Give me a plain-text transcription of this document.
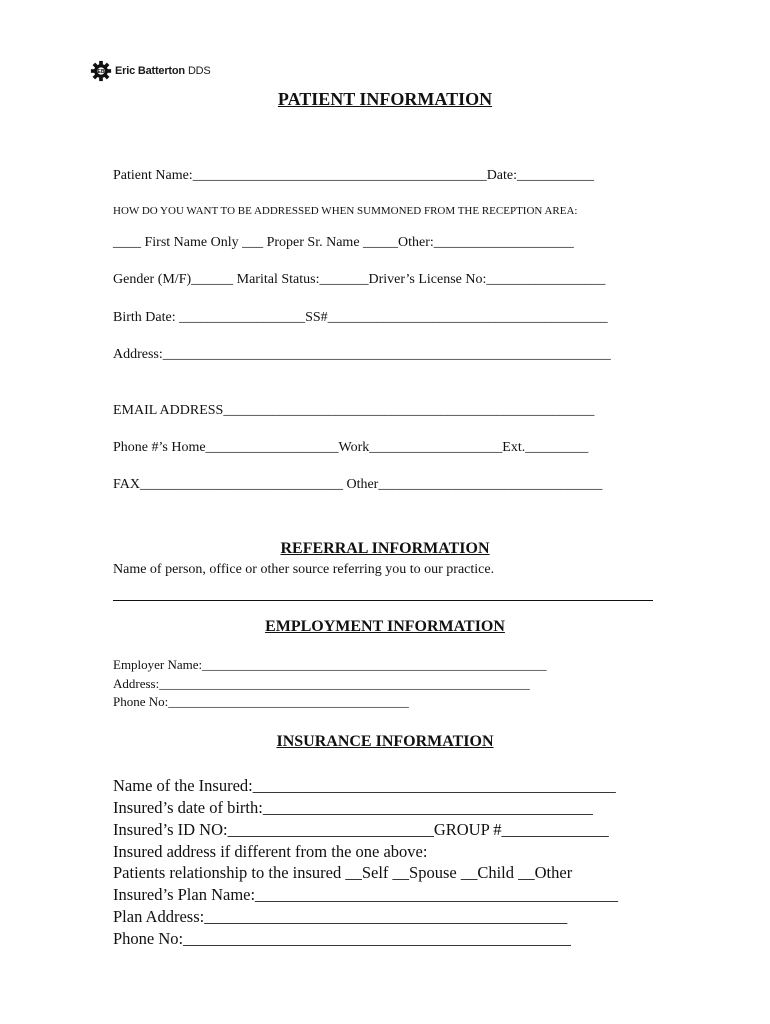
EB Eric Batterton DDS
PATIENT INFORMATION
Patient Name:__________________________________________Date:___________
HOW DO YOU WANT TO BE ADDRESSED WHEN SUMMONED FROM THE RECEPTION AREA:
____ First Name Only ___ Proper Sr. Name _____Other:____________________
Gender (M/F)______ Marital Status:_______Driver’s License No:_________________
Birth Date: __________________SS#________________________________________
Address:________________________________________________________________
EMAIL ADDRESS_____________________________________________________
Phone #’s Home___________________Work___________________Ext._________
FAX_____________________________ Other________________________________
REFERRAL INFORMATION
Name of person, office or other source referring you to our practice.
EMPLOYMENT INFORMATION
Employer Name:_____________________________________________________
Address:_________________________________________________________
Phone No:_____________________________________
INSURANCE INFORMATION
Name of the Insured:____________________________________________
Insured’s date of birth:________________________________________
Insured’s ID NO:_________________________GROUP #_____________
Insured address if different from the one above:
Patients relationship to the insured __Self __Spouse __Child __Other
Insured’s Plan Name:____________________________________________
Plan Address:____________________________________________
Phone No:_______________________________________________
